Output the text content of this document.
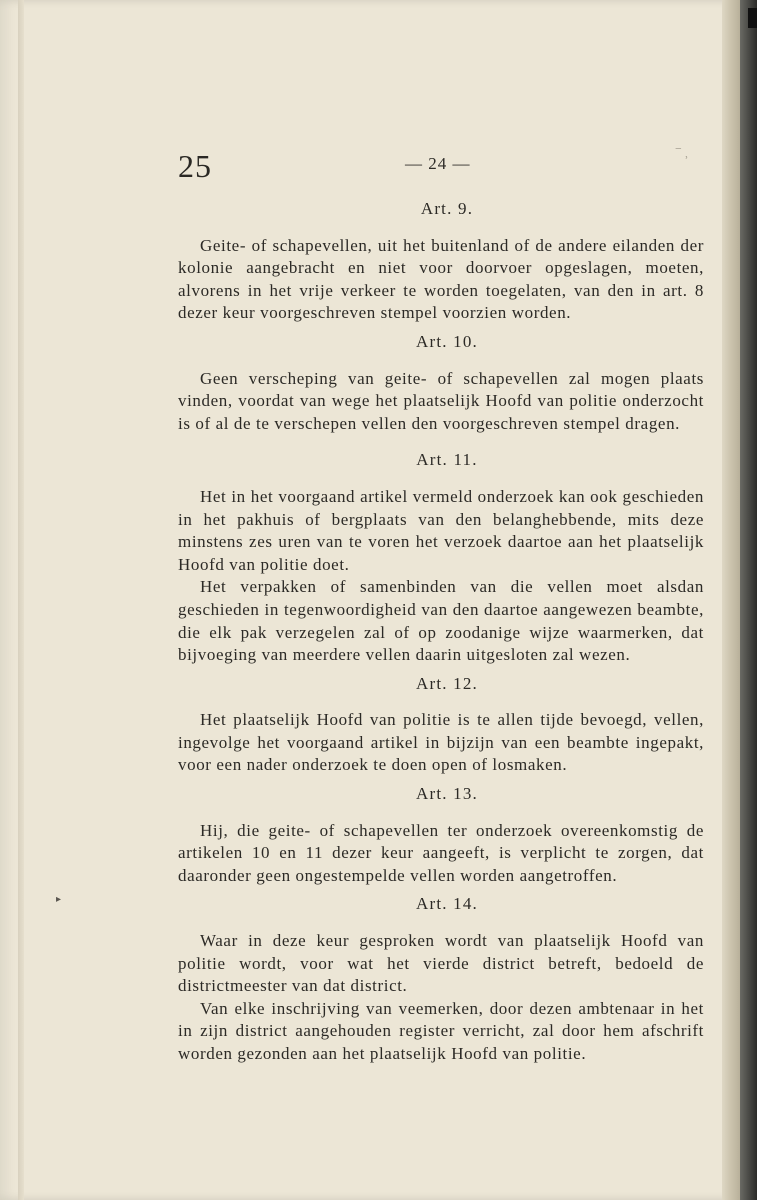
25	— 24 —	‾ ˒
▸
Art. 9.

Geite- of schapevellen, uit het buitenland of de andere eilanden der kolonie aangebracht en niet voor doorvoer opgeslagen, moeten, alvorens in het vrije verkeer te worden toegelaten, van den in art. 8 dezer keur voorgeschreven stempel voorzien worden.

Art. 10.

Geen verscheping van geite- of schapevellen zal mogen plaats vinden, voordat van wege het plaatselijk Hoofd van politie onderzocht is of al de te verschepen vellen den voorgeschreven stempel dragen.

Art. 11.

Het in het voorgaand artikel vermeld onderzoek kan ook geschieden in het pakhuis of bergplaats van den belanghebbende, mits deze minstens zes uren van te voren het verzoek daartoe aan het plaatselijk Hoofd van politie doet.

Het verpakken of samenbinden van die vellen moet alsdan geschieden in tegenwoordigheid van den daartoe aangewezen beambte, die elk pak verzegelen zal of op zoodanige wijze waarmerken, dat bijvoeging van meerdere vellen daarin uitgesloten zal wezen.

Art. 12.

Het plaatselijk Hoofd van politie is te allen tijde bevoegd, vellen, ingevolge het voorgaand artikel in bijzijn van een beambte ingepakt, voor een nader onderzoek te doen open of losmaken.

Art. 13.

Hij, die geite- of schapevellen ter onderzoek overeenkomstig de artikelen 10 en 11 dezer keur aangeeft, is verplicht te zorgen, dat daaronder geen ongestempelde vellen worden aangetroffen.

Art. 14.

Waar in deze keur gesproken wordt van plaatselijk Hoofd van politie wordt, voor wat het vierde district betreft, bedoeld de districtmeester van dat district.

Van elke inschrijving van veemerken, door dezen ambtenaar in het in zijn district aangehouden register verricht, zal door hem afschrift worden gezonden aan het plaatselijk Hoofd van politie.
